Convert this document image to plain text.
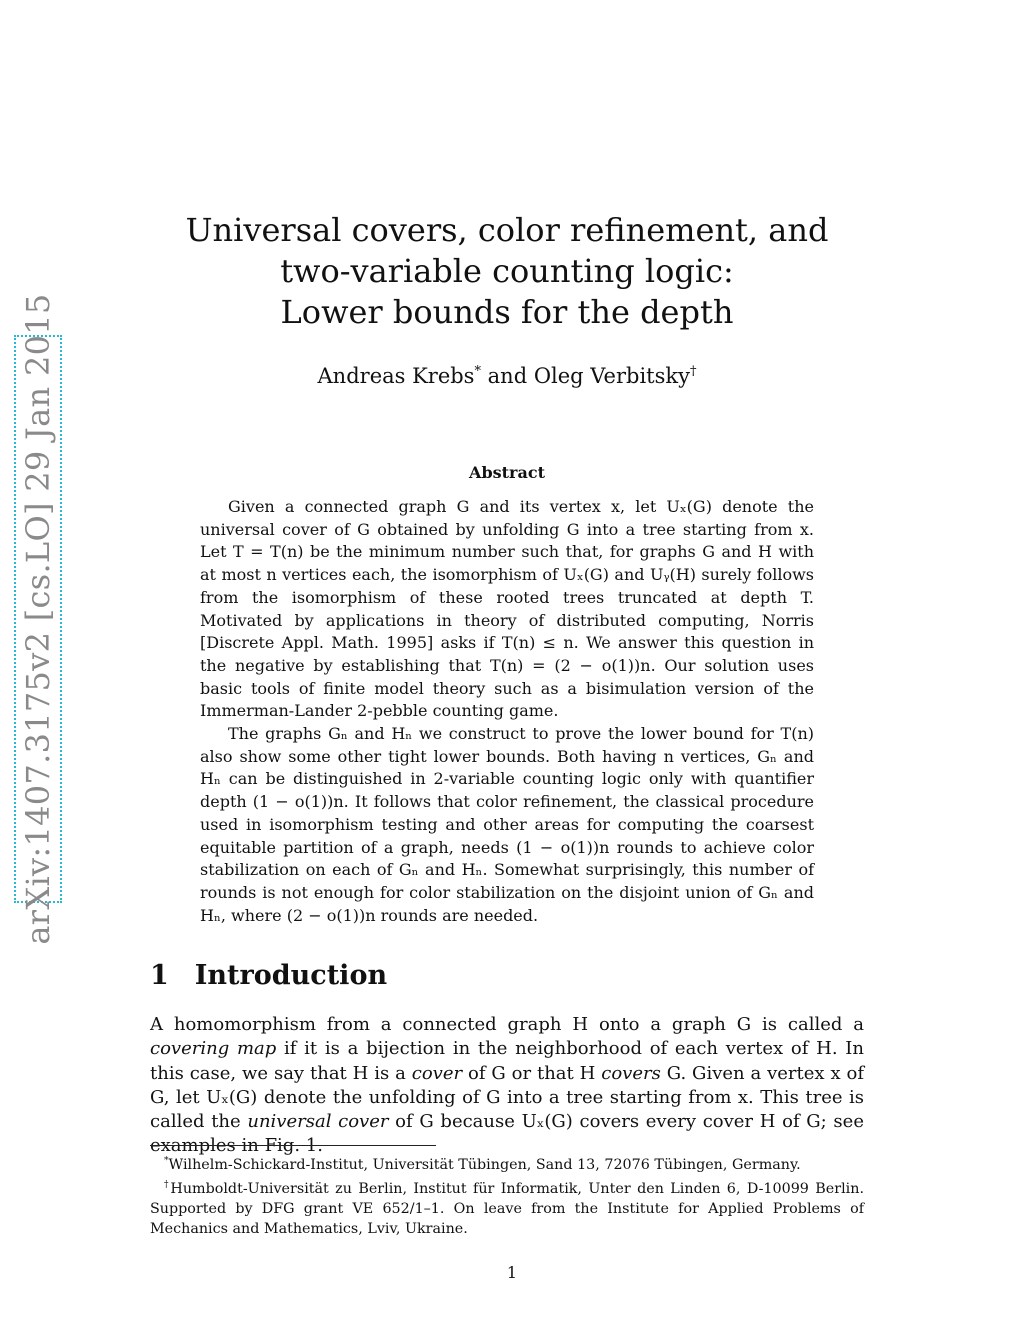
arXiv:1407.3175v2 [cs.LO] 29 Jan 2015
Universal covers, color refinement, and
two-variable counting logic:
Lower bounds for the depth
Andreas Krebs* and Oleg Verbitsky†
Abstract

Given a connected graph G and its vertex x, let Uₓ(G) denote the universal cover of G obtained by unfolding G into a tree starting from x. Let T = T(n) be the minimum number such that, for graphs G and H with at most n vertices each, the isomorphism of Uₓ(G) and Uᵧ(H) surely follows from the isomorphism of these rooted trees truncated at depth T. Motivated by applications in theory of distributed computing, Norris [Discrete Appl. Math. 1995] asks if T(n) ≤ n. We answer this question in the negative by establishing that T(n) = (2 − o(1))n. Our solution uses basic tools of finite model theory such as a bisimulation version of the Immerman-Lander 2-pebble counting game.

The graphs Gₙ and Hₙ we construct to prove the lower bound for T(n) also show some other tight lower bounds. Both having n vertices, Gₙ and Hₙ can be distinguished in 2-variable counting logic only with quantifier depth (1 − o(1))n. It follows that color refinement, the classical procedure used in isomorphism testing and other areas for computing the coarsest equitable partition of a graph, needs (1 − o(1))n rounds to achieve color stabilization on each of Gₙ and Hₙ. Somewhat surprisingly, this number of rounds is not enough for color stabilization on the disjoint union of Gₙ and Hₙ, where (2 − o(1))n rounds are needed.

1 Introduction

A homomorphism from a connected graph H onto a graph G is called a covering map if it is a bijection in the neighborhood of each vertex of H. In this case, we say that H is a cover of G or that H covers G. Given a vertex x of G, let Uₓ(G) denote the unfolding of G into a tree starting from x. This tree is called the universal cover of G because Uₓ(G) covers every cover H of G; see examples in Fig. 1.

*Wilhelm-Schickard-Institut, Universität Tübingen, Sand 13, 72076 Tübingen, Germany.

†Humboldt-Universität zu Berlin, Institut für Informatik, Unter den Linden 6, D-10099 Berlin. Supported by DFG grant VE 652/1–1. On leave from the Institute for Applied Problems of Mechanics and Mathematics, Lviv, Ukraine.

1
